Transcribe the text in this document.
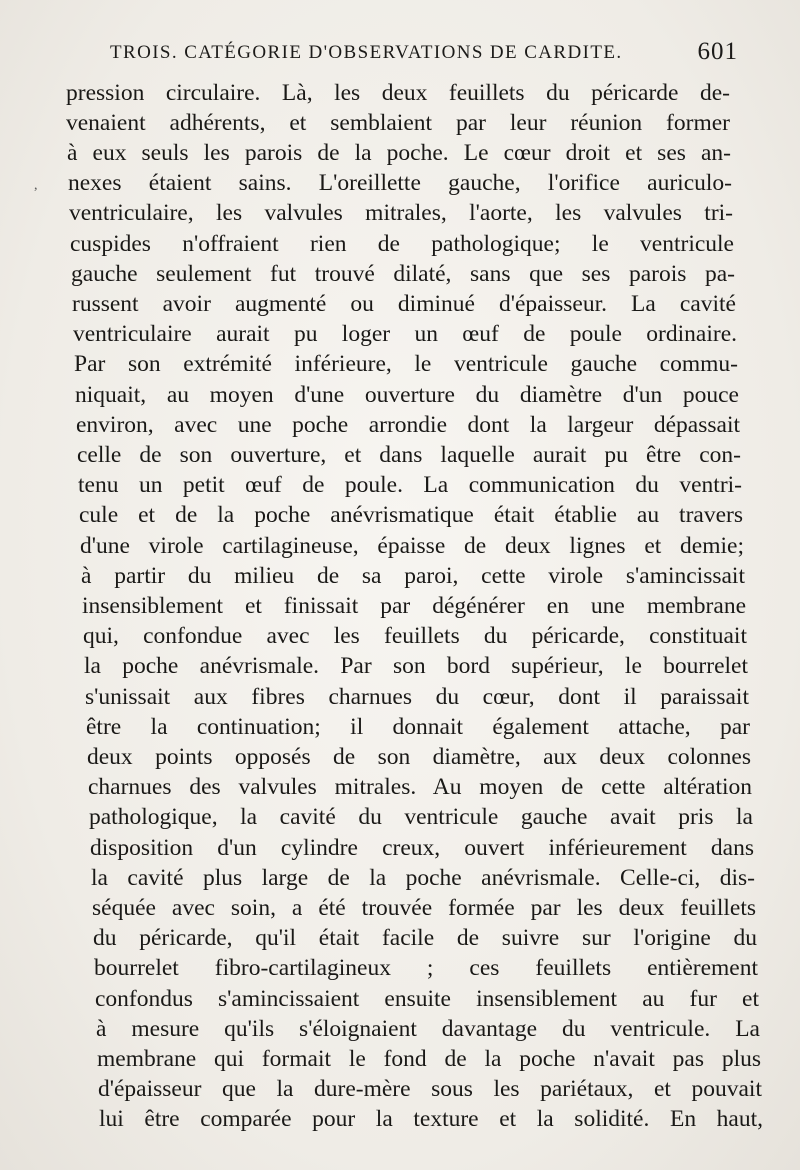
TROIS. CATÉGORIE D'OBSERVATIONS DE CARDITE.	601
pression circulaire. Là, les deux feuillets du péricarde de-
venaient adhérents, et semblaient par leur réunion former
à eux seuls les parois de la poche. Le cœur droit et ses an-
nexes étaient sains. L'oreillette gauche, l'orifice auriculo-
ventriculaire, les valvules mitrales, l'aorte, les valvules tri-
cuspides n'offraient rien de pathologique; le ventricule
gauche seulement fut trouvé dilaté, sans que ses parois pa-
russent avoir augmenté ou diminué d'épaisseur. La cavité
ventriculaire aurait pu loger un œuf de poule ordinaire.
Par son extrémité inférieure, le ventricule gauche commu-
niquait, au moyen d'une ouverture du diamètre d'un pouce
environ, avec une poche arrondie dont la largeur dépassait
celle de son ouverture, et dans laquelle aurait pu être con-
tenu un petit œuf de poule. La communication du ventri-
cule et de la poche anévrismatique était établie au travers
d'une virole cartilagineuse, épaisse de deux lignes et demie;
à partir du milieu de sa paroi, cette virole s'amincissait
insensiblement et finissait par dégénérer en une membrane
qui, confondue avec les feuillets du péricarde, constituait
la poche anévrismale. Par son bord supérieur, le bourrelet
s'unissait aux fibres charnues du cœur, dont il paraissait
être la continuation; il donnait également attache, par
deux points opposés de son diamètre, aux deux colonnes
charnues des valvules mitrales. Au moyen de cette altération
pathologique, la cavité du ventricule gauche avait pris la
disposition d'un cylindre creux, ouvert inférieurement dans
la cavité plus large de la poche anévrismale. Celle-ci, dis-
séquée avec soin, a été trouvée formée par les deux feuillets
du péricarde, qu'il était facile de suivre sur l'origine du
bourrelet fibro-cartilagineux ; ces feuillets entièrement
confondus s'amincissaient ensuite insensiblement au fur et
à mesure qu'ils s'éloignaient davantage du ventricule. La
membrane qui formait le fond de la poche n'avait pas plus
d'épaisseur que la dure-mère sous les pariétaux, et pouvait
lui être comparée pour la texture et la solidité. En haut,
,
